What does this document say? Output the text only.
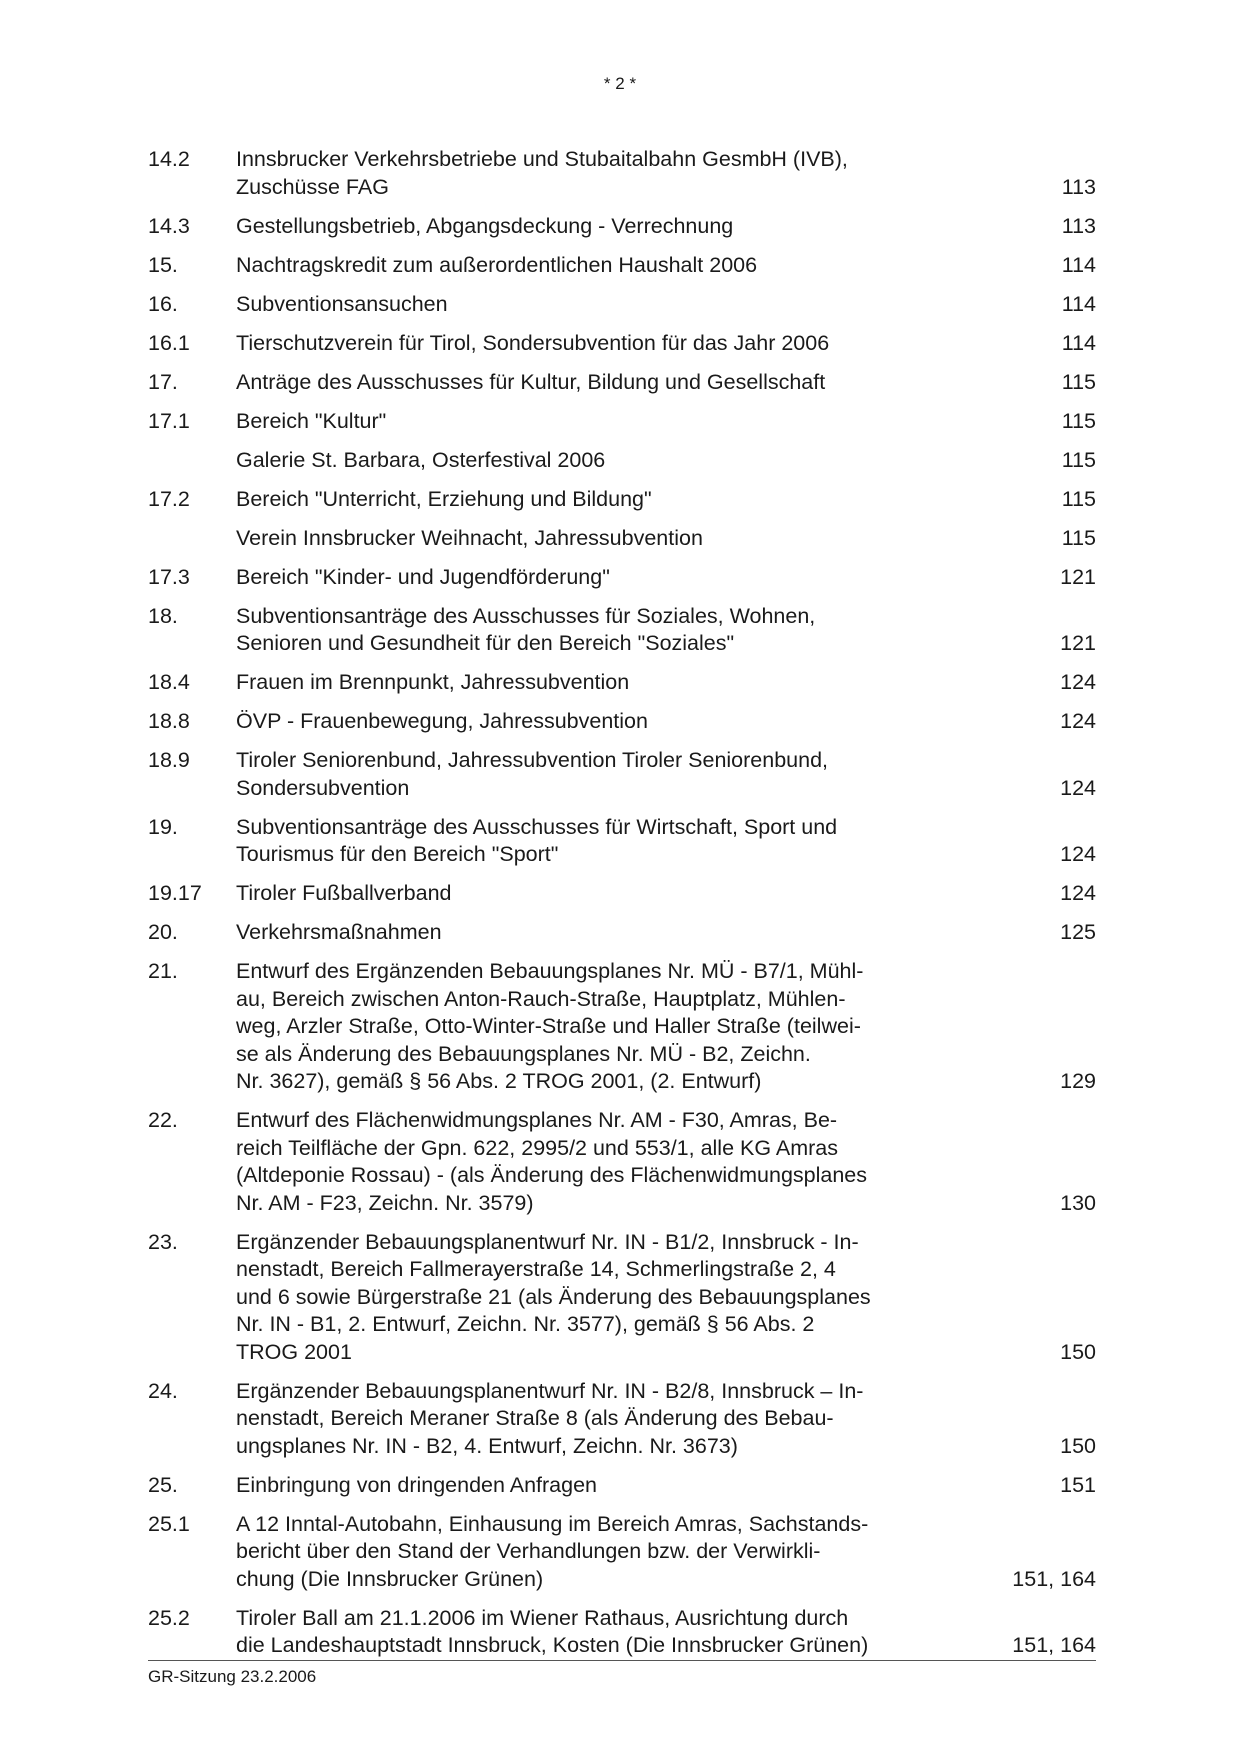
* 2 *
14.2	Innsbrucker Verkehrsbetriebe und Stubaitalbahn GesmbH (IVB),
Zuschüsse FAG	113
14.3	Gestellungsbetrieb, Abgangsdeckung - Verrechnung	113
15.	Nachtragskredit zum außerordentlichen Haushalt 2006	114
16.	Subventionsansuchen	114
16.1	Tierschutzverein für Tirol, Sondersubvention für das Jahr 2006	114
17.	Anträge des Ausschusses für Kultur, Bildung und Gesellschaft	115
17.1	Bereich "Kultur"	115
Galerie St. Barbara, Osterfestival 2006	115
17.2	Bereich "Unterricht, Erziehung und Bildung"	115
Verein Innsbrucker Weihnacht, Jahressubvention	115
17.3	Bereich "Kinder- und Jugendförderung"	121
18.	Subventionsanträge des Ausschusses für Soziales, Wohnen,
Senioren und Gesundheit für den Bereich "Soziales"	121
18.4	Frauen im Brennpunkt, Jahressubvention	124
18.8	ÖVP - Frauenbewegung, Jahressubvention	124
18.9	Tiroler Seniorenbund, Jahressubvention Tiroler Seniorenbund,
Sondersubvention	124
19.	Subventionsanträge des Ausschusses für Wirtschaft, Sport und
Tourismus für den Bereich "Sport"	124
19.17	Tiroler Fußballverband	124
20.	Verkehrsmaßnahmen	125
21.	Entwurf des Ergänzenden Bebauungsplanes Nr. MÜ - B7/1, Mühl-
au, Bereich zwischen Anton-Rauch-Straße, Hauptplatz, Mühlen-
weg, Arzler Straße, Otto-Winter-Straße und Haller Straße (teilwei-
se als Änderung des Bebauungsplanes Nr. MÜ - B2, Zeichn.
Nr. 3627), gemäß § 56 Abs. 2 TROG 2001, (2. Entwurf)	129
22.	Entwurf des Flächenwidmungsplanes Nr. AM - F30, Amras, Be-
reich Teilfläche der Gpn. 622, 2995/2 und 553/1, alle KG Amras
(Altdeponie Rossau) - (als Änderung des Flächenwidmungsplanes
Nr. AM - F23, Zeichn. Nr. 3579)	130
23.	Ergänzender Bebauungsplanentwurf Nr. IN - B1/2, Innsbruck - In-
nenstadt, Bereich Fallmerayerstraße 14, Schmerlingstraße 2, 4
und 6 sowie Bürgerstraße 21 (als Änderung des Bebauungsplanes
Nr. IN - B1, 2. Entwurf, Zeichn. Nr. 3577), gemäß § 56 Abs. 2
TROG 2001	150
24.	Ergänzender Bebauungsplanentwurf Nr. IN - B2/8, Innsbruck – In-
nenstadt, Bereich Meraner Straße 8 (als Änderung des Bebau-
ungsplanes Nr. IN - B2, 4. Entwurf, Zeichn. Nr. 3673)	150
25.	Einbringung von dringenden Anfragen	151
25.1	A 12 Inntal-Autobahn, Einhausung im Bereich Amras, Sachstands-
bericht über den Stand der Verhandlungen bzw. der Verwirkli-
chung (Die Innsbrucker Grünen)	151, 164
25.2	Tiroler Ball am 21.1.2006 im Wiener Rathaus, Ausrichtung durch
die Landeshauptstadt Innsbruck, Kosten (Die Innsbrucker Grünen)	151, 164
GR-Sitzung 23.2.2006
